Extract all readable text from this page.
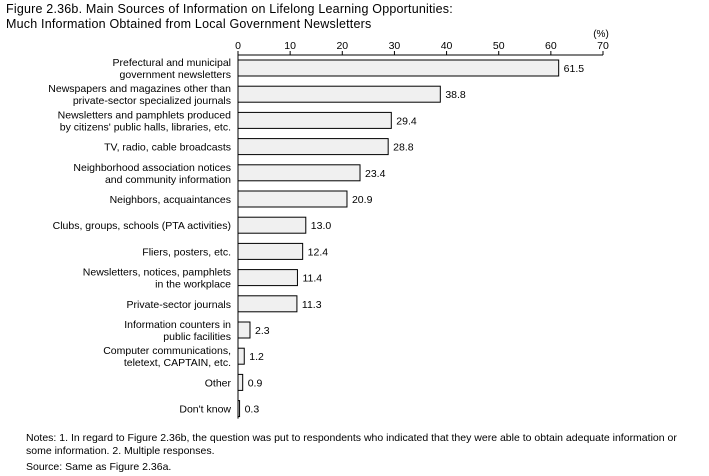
Figure 2.36b. Main Sources of Information on Lifelong Learning Opportunities:
Much Information Obtained from Local Government Newsletters
0	10	20	30	40	50	60	70
(%)
61.5
Prefectural and municipal government newsletters
38.8
Newspapers and magazines other than private-sector specialized journals
29.4
Newsletters and pamphlets produced by citizens' public halls, libraries, etc.
28.8
TV, radio, cable broadcasts
23.4
Neighborhood association notices and community information
20.9
Neighbors, acquaintances
13.0
Clubs, groups, schools (PTA activities)
12.4
Fliers, posters, etc.
11.4
Newsletters, notices, pamphlets in the workplace
11.3
Private-sector journals
2.3
Information counters in public facilities
1.2
Computer communications, teletext, CAPTAIN, etc.
0.9
Other
0.3
Don't know
Notes: 1. In regard to Figure 2.36b, the question was put to respondents who indicated that they were able to obtain adequate information or some information. 2. Multiple responses.
Source: Same as Figure 2.36a.
